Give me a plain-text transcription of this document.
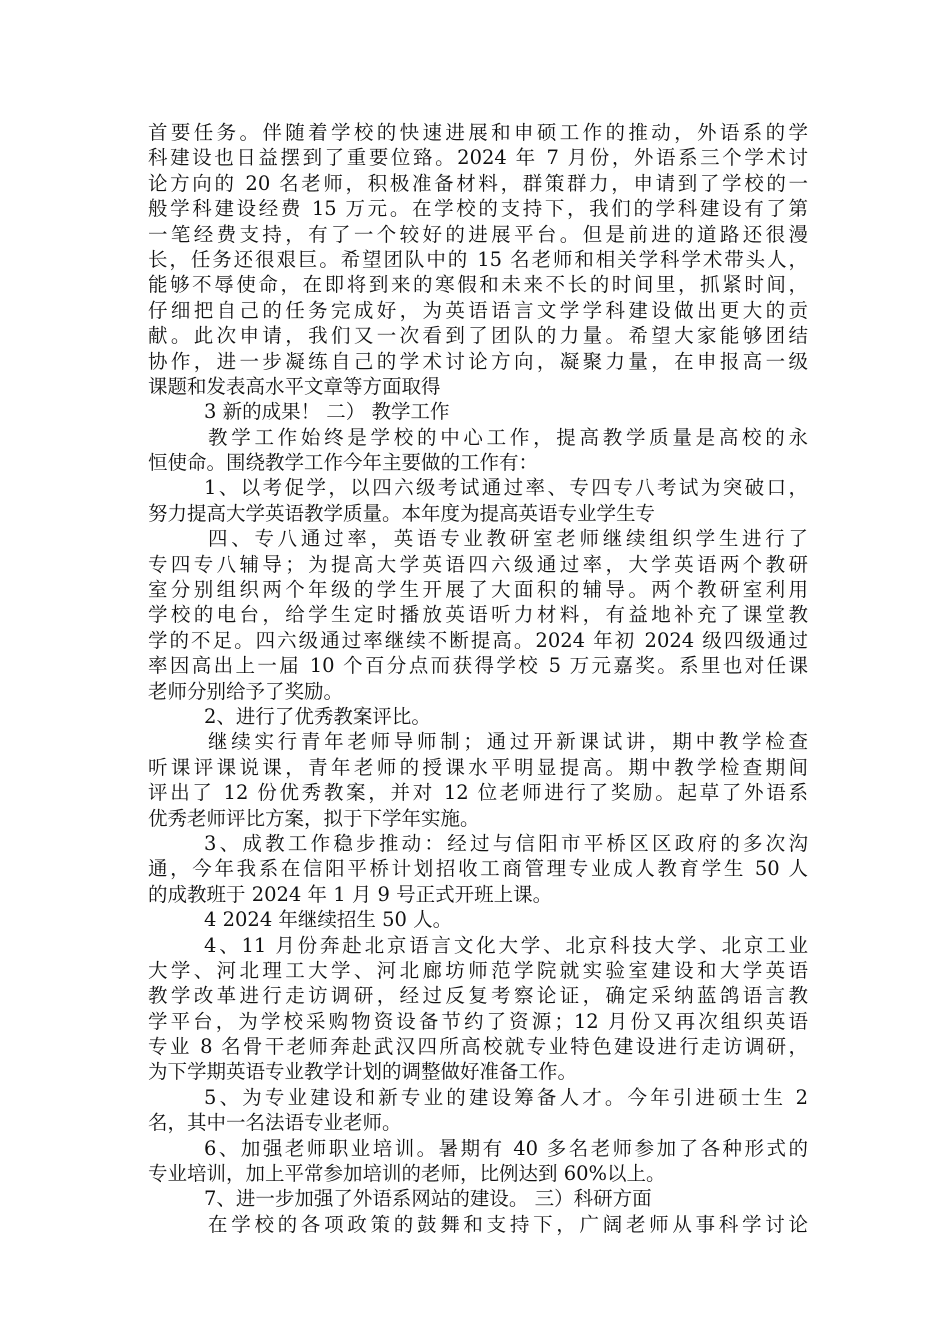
首要任务。伴随着学校的快速进展和申硕工作的推动，外语系的学
科建设也日益摆到了重要位臵。2024 年 7 月份，外语系三个学术讨
论方向的 20 名老师，积极准备材料，群策群力，申请到了学校的一
般学科建设经费 15 万元。在学校的支持下，我们的学科建设有了第
一笔经费支持，有了一个较好的进展平台。但是前进的道路还很漫
长，任务还很艰巨。希望团队中的 15 名老师和相关学科学术带头人，
能够不辱使命，在即将到来的寒假和未来不长的时间里，抓紧时间，
仔细把自己的任务完成好，为英语语言文学学科建设做出更大的贡
献。此次申请，我们又一次看到了团队的力量。希望大家能够团结
协作，进一步凝练自己的学术讨论方向，凝聚力量，在申报高一级
课题和发表高水平文章等方面取得
3 新的成果！ 二） 教学工作
教学工作始终是学校的中心工作，提高教学质量是高校的永
恒使命。围绕教学工作今年主要做的工作有：
1、以考促学，以四六级考试通过率、专四专八考试为突破口，
努力提高大学英语教学质量。本年度为提高英语专业学生专
四、专八通过率，英语专业教研室老师继续组织学生进行了
专四专八辅导；为提高大学英语四六级通过率，大学英语两个教研
室分别组织两个年级的学生开展了大面积的辅导。两个教研室利用
学校的电台，给学生定时播放英语听力材料，有益地补充了课堂教
学的不足。四六级通过率继续不断提高。2024 年初 2024 级四级通过
率因高出上一届 10 个百分点而获得学校 5 万元嘉奖。系里也对任课
老师分别给予了奖励。
2、进行了优秀教案评比。
继续实行青年老师导师制；通过开新课试讲，期中教学检查
听课评课说课，青年老师的授课水平明显提高。期中教学检查期间
评出了 12 份优秀教案，并对 12 位老师进行了奖励。起草了外语系
优秀老师评比方案，拟于下学年实施。
3、成教工作稳步推动：经过与信阳市平桥区区政府的多次沟
通，今年我系在信阳平桥计划招收工商管理专业成人教育学生 50 人
的成教班于 2024 年 1 月 9 号正式开班上课。
4 2024 年继续招生 50 人。
4、11 月份奔赴北京语言文化大学、北京科技大学、北京工业
大学、河北理工大学、河北廊坊师范学院就实验室建设和大学英语
教学改革进行走访调研，经过反复考察论证，确定采纳蓝鸽语言教
学平台，为学校采购物资设备节约了资源；12 月份又再次组织英语
专业 8 名骨干老师奔赴武汉四所高校就专业特色建设进行走访调研，
为下学期英语专业教学计划的调整做好准备工作。
5、为专业建设和新专业的建设筹备人才。今年引进硕士生 2
名，其中一名法语专业老师。
6、加强老师职业培训。暑期有 40 多名老师参加了各种形式的
专业培训，加上平常参加培训的老师，比例达到 60%以上。
7、进一步加强了外语系网站的建设。 三）科研方面
在学校的各项政策的鼓舞和支持下，广阔老师从事科学讨论
